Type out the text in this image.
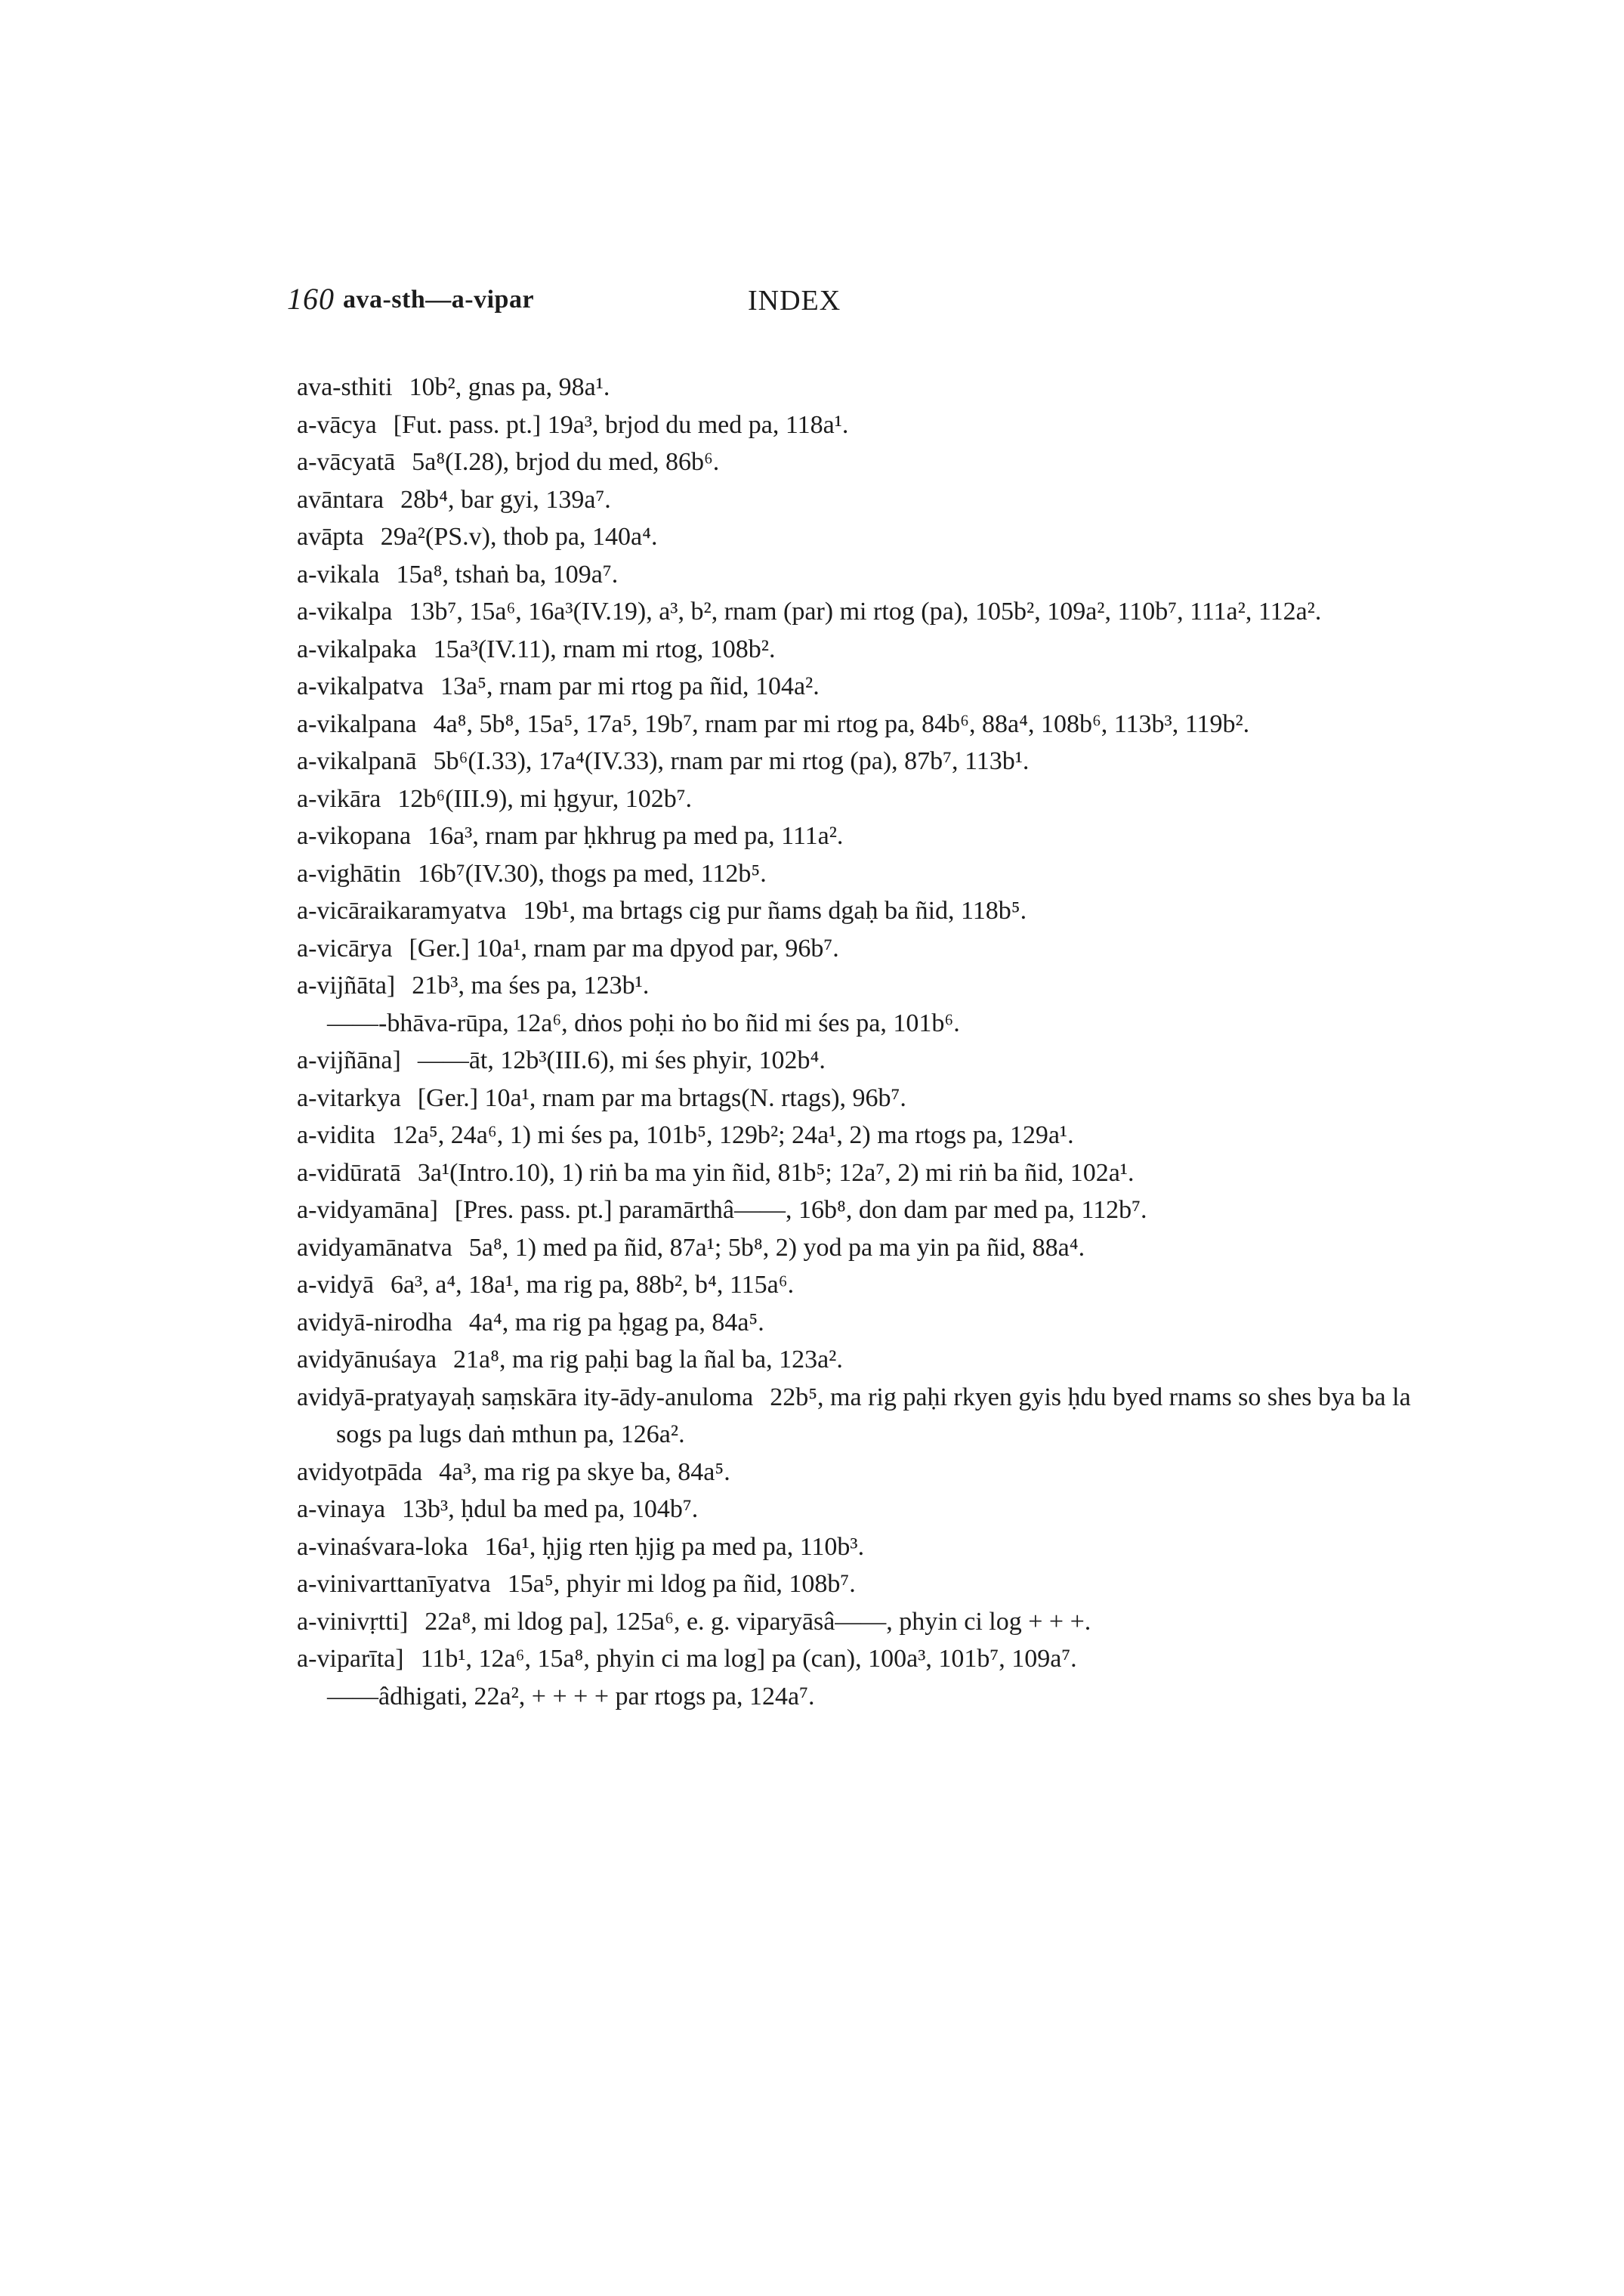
160 ava-sth—a-vipar	INDEX
ava-sthiti 10b², gnas pa, 98a¹.
a-vācya [Fut. pass. pt.] 19a³, brjod du med pa, 118a¹.
a-vācyatā 5a⁸(I.28), brjod du med, 86b⁶.
avāntara 28b⁴, bar gyi, 139a⁷.
avāpta 29a²(PS.v), thob pa, 140a⁴.
a-vikala 15a⁸, tshaṅ ba, 109a⁷.
a-vikalpa 13b⁷, 15a⁶, 16a³(IV.19), a³, b², rnam (par) mi rtog (pa), 105b², 109a², 110b⁷, 111a², 112a².
a-vikalpaka 15a³(IV.11), rnam mi rtog, 108b².
a-vikalpatva 13a⁵, rnam par mi rtog pa ñid, 104a².
a-vikalpana 4a⁸, 5b⁸, 15a⁵, 17a⁵, 19b⁷, rnam par mi rtog pa, 84b⁶, 88a⁴, 108b⁶, 113b³, 119b².
a-vikalpanā 5b⁶(I.33), 17a⁴(IV.33), rnam par mi rtog (pa), 87b⁷, 113b¹.
a-vikāra 12b⁶(III.9), mi ḥgyur, 102b⁷.
a-vikopana 16a³, rnam par ḥkhrug pa med pa, 111a².
a-vighātin 16b⁷(IV.30), thogs pa med, 112b⁵.
a-vicāraikaramyatva 19b¹, ma brtags cig pur ñams dgaḥ ba ñid, 118b⁵.
a-vicārya [Ger.] 10a¹, rnam par ma dpyod par, 96b⁷.
a-vijñāta] 21b³, ma śes pa, 123b¹.
——-bhāva-rūpa, 12a⁶, dṅos poḥi ṅo bo ñid mi śes pa, 101b⁶.
a-vijñāna] ——āt, 12b³(III.6), mi śes phyir, 102b⁴.
a-vitarkya [Ger.] 10a¹, rnam par ma brtags(N. rtags), 96b⁷.
a-vidita 12a⁵, 24a⁶, 1) mi śes pa, 101b⁵, 129b²; 24a¹, 2) ma rtogs pa, 129a¹.
a-vidūratā 3a¹(Intro.10), 1) riṅ ba ma yin ñid, 81b⁵; 12a⁷, 2) mi riṅ ba ñid, 102a¹.
a-vidyamāna] [Pres. pass. pt.] paramārthâ——, 16b⁸, don dam par med pa, 112b⁷.
avidyamānatva 5a⁸, 1) med pa ñid, 87a¹; 5b⁸, 2) yod pa ma yin pa ñid, 88a⁴.
a-vidyā 6a³, a⁴, 18a¹, ma rig pa, 88b², b⁴, 115a⁶.
avidyā-nirodha 4a⁴, ma rig pa ḥgag pa, 84a⁵.
avidyānuśaya 21a⁸, ma rig paḥi bag la ñal ba, 123a².
avidyā-pratyayaḥ saṃskāra ity-ādy-anuloma 22b⁵, ma rig paḥi rkyen gyis ḥdu byed rnams so shes bya ba la sogs pa lugs daṅ mthun pa, 126a².
avidyotpāda 4a³, ma rig pa skye ba, 84a⁵.
a-vinaya 13b³, ḥdul ba med pa, 104b⁷.
a-vinaśvara-loka 16a¹, ḥjig rten ḥjig pa med pa, 110b³.
a-vinivarttanīyatva 15a⁵, phyir mi ldog pa ñid, 108b⁷.
a-vinivṛtti] 22a⁸, mi ldog pa], 125a⁶, e. g. viparyāsâ——, phyin ci log + + +.
a-viparīta] 11b¹, 12a⁶, 15a⁸, phyin ci ma log] pa (can), 100a³, 101b⁷, 109a⁷.
——âdhigati, 22a², + + + + par rtogs pa, 124a⁷.
